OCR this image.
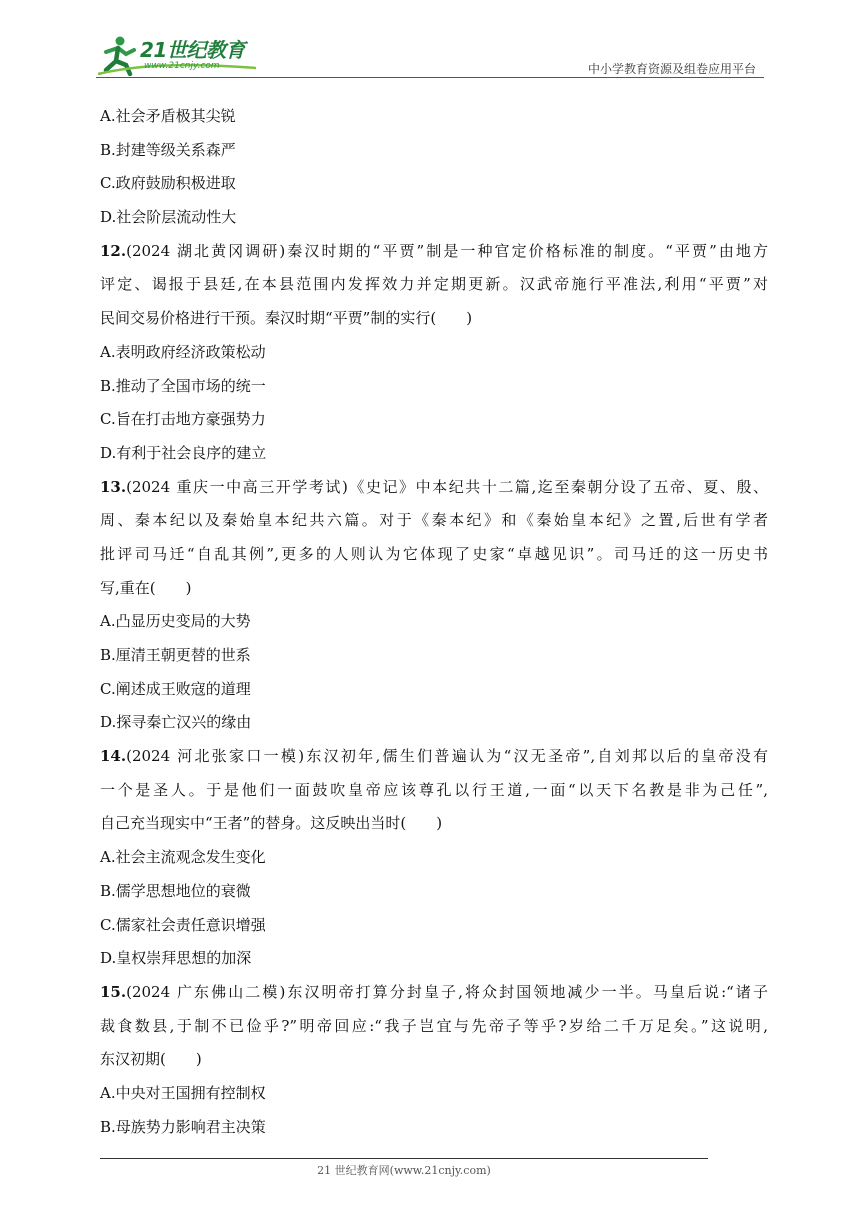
21世纪教育
www.21cnjy.com	中小学教育资源及组卷应用平台
A.社会矛盾极其尖锐
B.封建等级关系森严
C.政府鼓励积极进取
D.社会阶层流动性大
12.(2024 湖北黄冈调研)秦汉时期的“平贾”制是一种官定价格标准的制度。“平贾”由地方
评定、谒报于县廷,在本县范围内发挥效力并定期更新。汉武帝施行平准法,利用“平贾”对
民间交易价格进行干预。秦汉时期“平贾”制的实行(　　)
A.表明政府经济政策松动
B.推动了全国市场的统一
C.旨在打击地方豪强势力
D.有利于社会良序的建立
13.(2024 重庆一中高三开学考试)《史记》中本纪共十二篇,迄至秦朝分设了五帝、夏、殷、
周、秦本纪以及秦始皇本纪共六篇。对于《秦本纪》和《秦始皇本纪》之置,后世有学者
批评司马迁“自乱其例”,更多的人则认为它体现了史家“卓越见识”。司马迁的这一历史书
写,重在(　　)
A.凸显历史变局的大势
B.厘清王朝更替的世系
C.阐述成王败寇的道理
D.探寻秦亡汉兴的缘由
14.(2024 河北张家口一模)东汉初年,儒生们普遍认为“汉无圣帝”,自刘邦以后的皇帝没有
一个是圣人。于是他们一面鼓吹皇帝应该尊孔以行王道,一面“以天下名教是非为己任”,
自己充当现实中“王者”的替身。这反映出当时(　　)
A.社会主流观念发生变化
B.儒学思想地位的衰微
C.儒家社会责任意识增强
D.皇权崇拜思想的加深
15.(2024 广东佛山二模)东汉明帝打算分封皇子,将众封国领地减少一半。马皇后说:“诸子
裁食数县,于制不已俭乎?”明帝回应:“我子岂宜与先帝子等乎?岁给二千万足矣。”这说明,
东汉初期(　　)
A.中央对王国拥有控制权
B.母族势力影响君主决策
21 世纪教育网(www.21cnjy.com)
